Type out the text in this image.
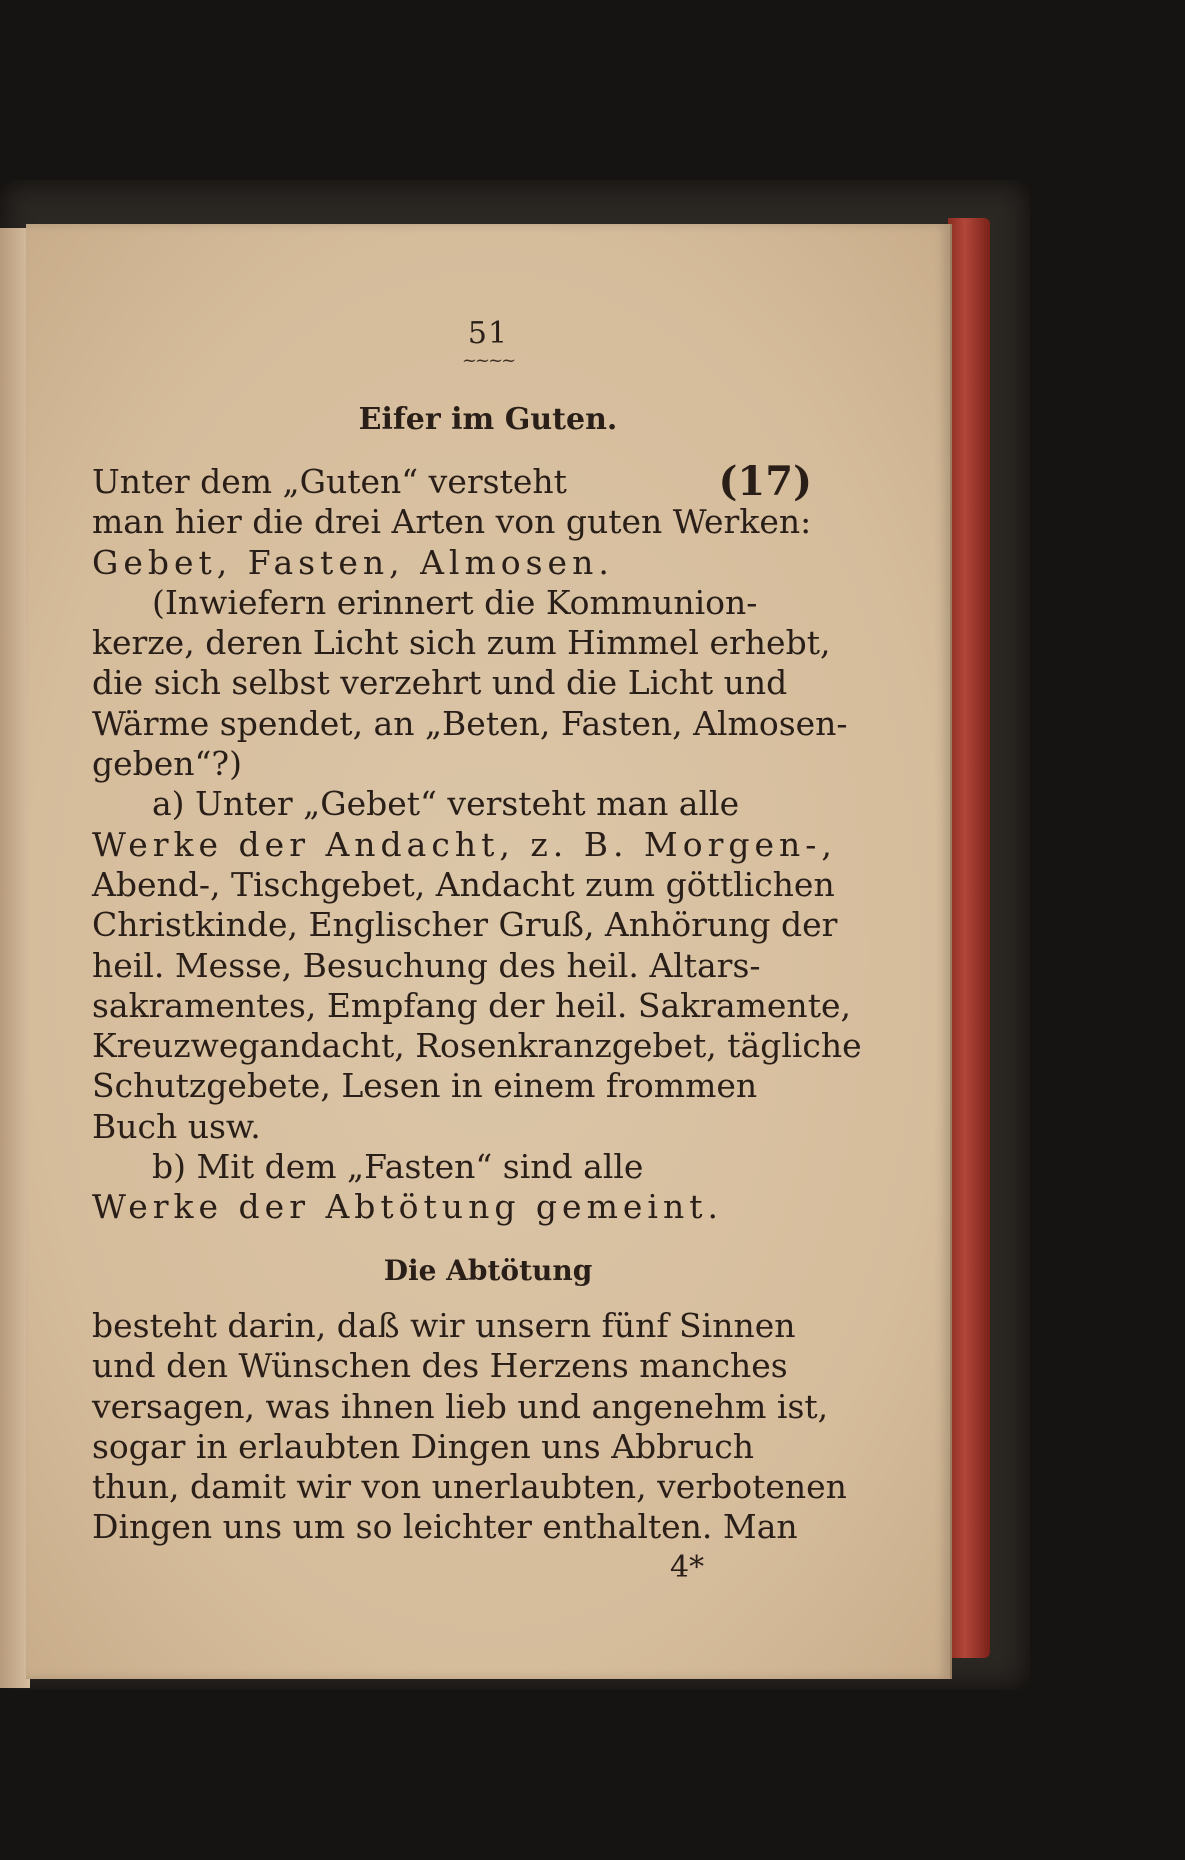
51
~~~~
Eifer im Guten.
Unter dem „Guten“ versteht	(17)
man hier die drei Arten von guten Werken:
Gebet, Fasten, Almosen.
(Inwiefern erinnert die Kommunion-
kerze, deren Licht sich zum Himmel erhebt,
die sich selbst verzehrt und die Licht und
Wärme spendet, an „Beten, Fasten, Almosen-
geben“?)
a) Unter „Gebet“ versteht man alle
Werke der Andacht, z. B. Morgen-,
Abend-, Tischgebet, Andacht zum göttlichen
Christkinde, Englischer Gruß, Anhörung der
heil. Messe, Besuchung des heil. Altars-
sakramentes, Empfang der heil. Sakramente,
Kreuzwegandacht, Rosenkranzgebet, tägliche
Schutzgebete, Lesen in einem frommen
Buch usw.
b) Mit dem „Fasten“ sind alle
Werke der Abtötung gemeint.
Die Abtötung
besteht darin, daß wir unsern fünf Sinnen
und den Wünschen des Herzens manches
versagen, was ihnen lieb und angenehm ist,
sogar in erlaubten Dingen uns Abbruch
thun, damit wir von unerlaubten, verbotenen
Dingen uns um so leichter enthalten. Man
4*
